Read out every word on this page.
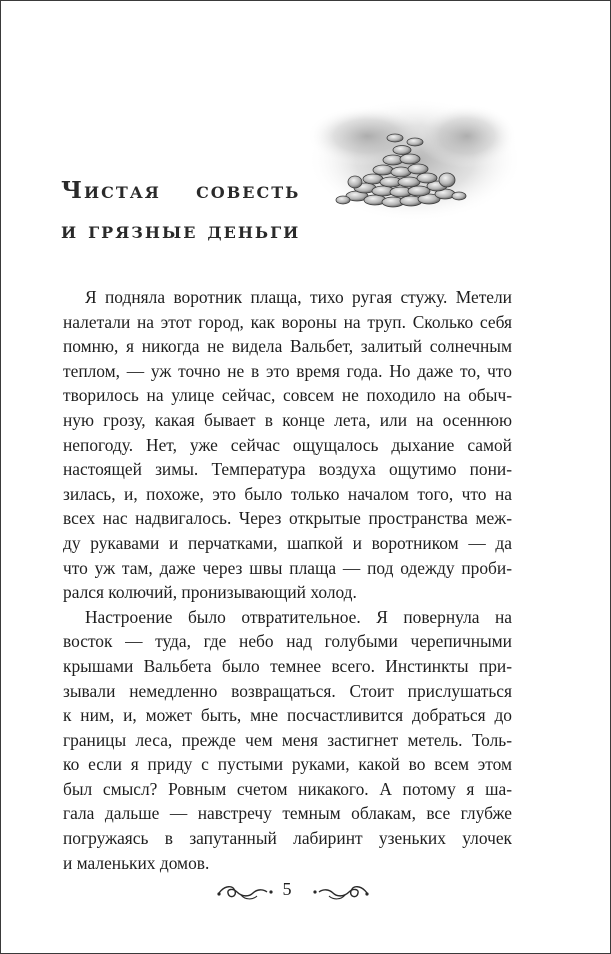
Чистая совесть
и грязные деньги

Я подняла воротник плаща, тихо ругая стужу. Метели
налетали на этот город, как вороны на труп. Сколько себя
помню, я никогда не видела Вальбет, залитый солнечным
теплом, — уж точно не в это время года. Но даже то, что
творилось на улице сейчас, совсем не походило на обыч-
ную грозу, какая бывает в конце лета, или на осеннюю
непогоду. Нет, уже сейчас ощущалось дыхание самой
настоящей зимы. Температура воздуха ощутимо пони-
зилась, и, похоже, это было только началом того, что на
всех нас надвигалось. Через открытые пространства меж-
ду рукавами и перчатками, шапкой и воротником — да
что уж там, даже через швы плаща — под одежду проби-
рался колючий, пронизывающий холод.

Настроение было отвратительное. Я повернула на
восток — туда, где небо над голубыми черепичными
крышами Вальбета было темнее всего. Инстинкты при-
зывали немедленно возвращаться. Стоит прислушаться
к ним, и, может быть, мне посчастливится добраться до
границы леса, прежде чем меня застигнет метель. Толь-
ко если я приду с пустыми руками, какой во всем этом
был смысл? Ровным счетом никакого. А потому я ша-
гала дальше — навстречу темным облакам, все глубже
погружаясь в запутанный лабиринт узеньких улочек
и маленьких домов.

5
